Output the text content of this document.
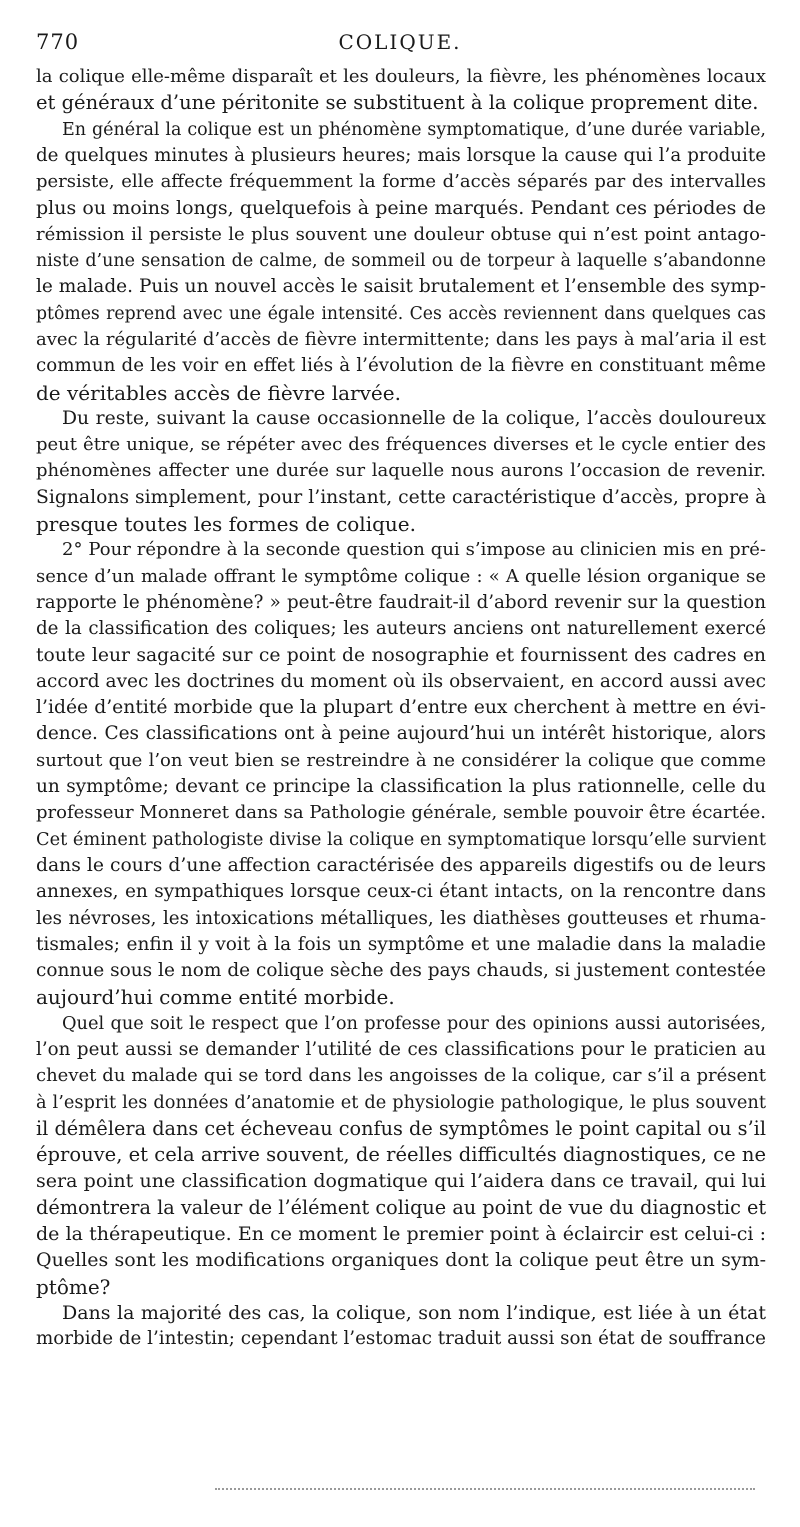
770	COLIQUE.
la colique elle-même disparaît et les douleurs, la fièvre, les phénomènes locaux
et généraux d’une péritonite se substituent à la colique proprement dite.
En général la colique est un phénomène symptomatique, d’une durée variable,
de quelques minutes à plusieurs heures; mais lorsque la cause qui l’a produite
persiste, elle affecte fréquemment la forme d’accès séparés par des intervalles
plus ou moins longs, quelquefois à peine marqués. Pendant ces périodes de
rémission il persiste le plus souvent une douleur obtuse qui n’est point antago-
niste d’une sensation de calme, de sommeil ou de torpeur à laquelle s’abandonne
le malade. Puis un nouvel accès le saisit brutalement et l’ensemble des symp-
ptômes reprend avec une égale intensité. Ces accès reviennent dans quelques cas
avec la régularité d’accès de fièvre intermittente; dans les pays à mal’aria il est
commun de les voir en effet liés à l’évolution de la fièvre en constituant même
de véritables accès de fièvre larvée.
Du reste, suivant la cause occasionnelle de la colique, l’accès douloureux
peut être unique, se répéter avec des fréquences diverses et le cycle entier des
phénomènes affecter une durée sur laquelle nous aurons l’occasion de revenir.
Signalons simplement, pour l’instant, cette caractéristique d’accès, propre à
presque toutes les formes de colique.
2° Pour répondre à la seconde question qui s’impose au clinicien mis en pré-
sence d’un malade offrant le symptôme colique : « A quelle lésion organique se
rapporte le phénomène? » peut-être faudrait-il d’abord revenir sur la question
de la classification des coliques; les auteurs anciens ont naturellement exercé
toute leur sagacité sur ce point de nosographie et fournissent des cadres en
accord avec les doctrines du moment où ils observaient, en accord aussi avec
l’idée d’entité morbide que la plupart d’entre eux cherchent à mettre en évi-
dence. Ces classifications ont à peine aujourd’hui un intérêt historique, alors
surtout que l’on veut bien se restreindre à ne considérer la colique que comme
un symptôme; devant ce principe la classification la plus rationnelle, celle du
professeur Monneret dans sa Pathologie générale, semble pouvoir être écartée.
Cet éminent pathologiste divise la colique en symptomatique lorsqu’elle survient
dans le cours d’une affection caractérisée des appareils digestifs ou de leurs
annexes, en sympathiques lorsque ceux-ci étant intacts, on la rencontre dans
les névroses, les intoxications métalliques, les diathèses goutteuses et rhuma-
tismales; enfin il y voit à la fois un symptôme et une maladie dans la maladie
connue sous le nom de colique sèche des pays chauds, si justement contestée
aujourd’hui comme entité morbide.
Quel que soit le respect que l’on professe pour des opinions aussi autorisées,
l’on peut aussi se demander l’utilité de ces classifications pour le praticien au
chevet du malade qui se tord dans les angoisses de la colique, car s’il a présent
à l’esprit les données d’anatomie et de physiologie pathologique, le plus souvent
il démêlera dans cet écheveau confus de symptômes le point capital ou s’il
éprouve, et cela arrive souvent, de réelles difficultés diagnostiques, ce ne
sera point une classification dogmatique qui l’aidera dans ce travail, qui lui
démontrera la valeur de l’élément colique au point de vue du diagnostic et
de la thérapeutique. En ce moment le premier point à éclaircir est celui-ci :
Quelles sont les modifications organiques dont la colique peut être un sym-
ptôme?
Dans la majorité des cas, la colique, son nom l’indique, est liée à un état
morbide de l’intestin; cependant l’estomac traduit aussi son état de souffrance
